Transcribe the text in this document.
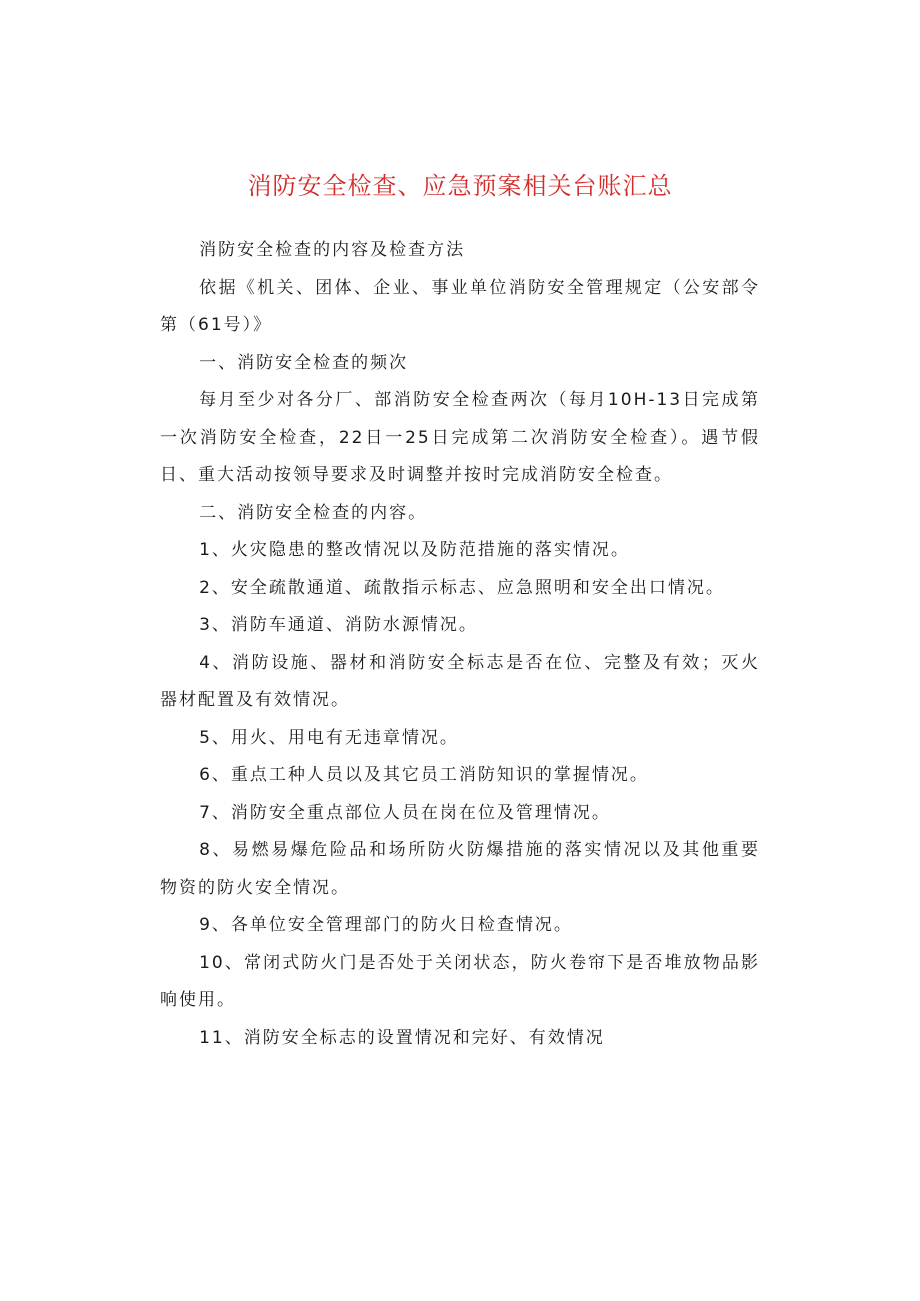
消防安全检查、应急预案相关台账汇总

消防安全检查的内容及检查方法

依据《机关、团体、企业、事业单位消防安全管理规定（公安部令第（61号）》

一、消防安全检查的频次

每月至少对各分厂、部消防安全检查两次（每月10H-13日完成第一次消防安全检查，22日一25日完成第二次消防安全检查）。遇节假日、重大活动按领导要求及时调整并按时完成消防安全检查。

二、消防安全检查的内容。

1、火灾隐患的整改情况以及防范措施的落实情况。

2、安全疏散通道、疏散指示标志、应急照明和安全出口情况。

3、消防车通道、消防水源情况。

4、消防设施、器材和消防安全标志是否在位、完整及有效；灭火器材配置及有效情况。

5、用火、用电有无违章情况。

6、重点工种人员以及其它员工消防知识的掌握情况。

7、消防安全重点部位人员在岗在位及管理情况。

8、易燃易爆危险品和场所防火防爆措施的落实情况以及其他重要物资的防火安全情况。

9、各单位安全管理部门的防火日检查情况。

10、常闭式防火门是否处于关闭状态，防火卷帘下是否堆放物品影响使用。

11、消防安全标志的设置情况和完好、有效情况
